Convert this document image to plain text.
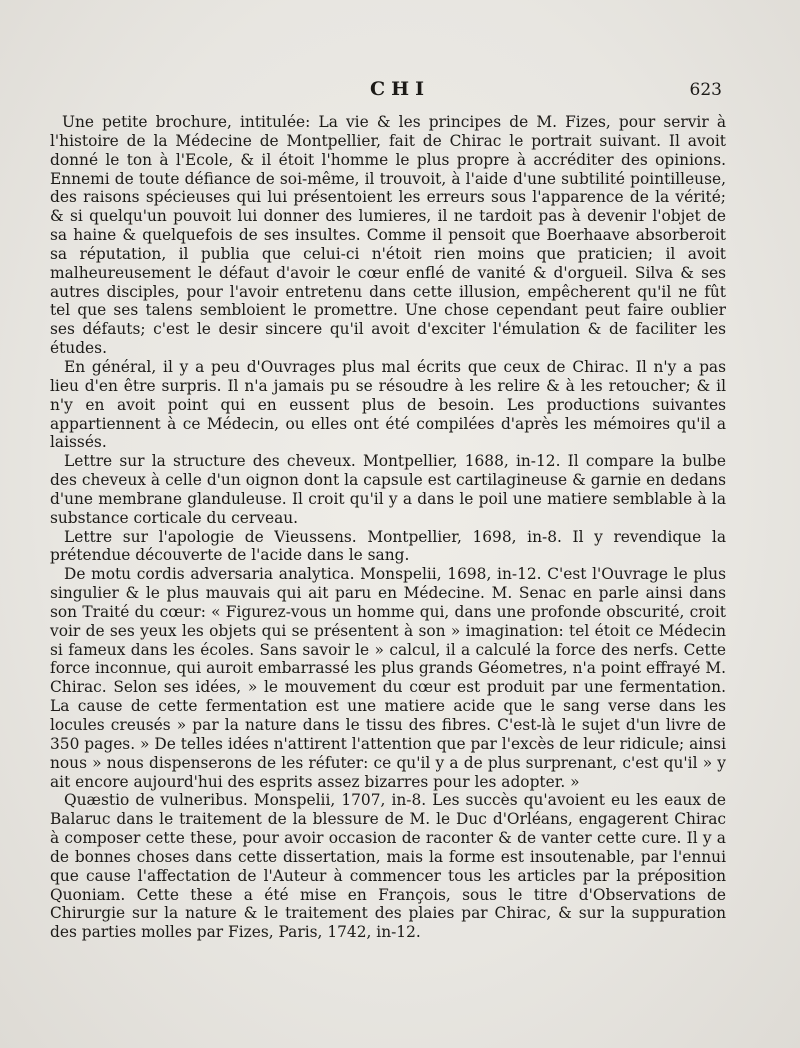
CHI	623

Une petite brochure, intitulée: La vie & les principes de M. Fizes, pour servir à l'histoire de la Médecine de Montpellier, fait de Chirac le portrait suivant. Il avoit donné le ton à l'Ecole, & il étoit l'homme le plus propre à accréditer des opinions. Ennemi de toute défiance de soi-même, il trouvoit, à l'aide d'une subtilité pointilleuse, des raisons spécieuses qui lui présentoient les erreurs sous l'apparence de la vérité; & si quelqu'un pouvoit lui donner des lumieres, il ne tardoit pas à devenir l'objet de sa haine & quelquefois de ses insultes. Comme il pensoit que Boerhaave absorberoit sa réputation, il publia que celui-ci n'étoit rien moins que praticien; il avoit malheureusement le défaut d'avoir le cœur enflé de vanité & d'orgueil. Silva & ses autres disciples, pour l'avoir entretenu dans cette illusion, empêcherent qu'il ne fût tel que ses talens sembloient le promettre. Une chose cependant peut faire oublier ses défauts; c'est le desir sincere qu'il avoit d'exciter l'émulation & de faciliter les études.

En général, il y a peu d'Ouvrages plus mal écrits que ceux de Chirac. Il n'y a pas lieu d'en être surpris. Il n'a jamais pu se résoudre à les relire & à les retoucher; & il n'y en avoit point qui en eussent plus de besoin. Les productions suivantes appartiennent à ce Médecin, ou elles ont été compilées d'après les mémoires qu'il a laissés.

Lettre sur la structure des cheveux. Montpellier, 1688, in-12. Il compare la bulbe des cheveux à celle d'un oignon dont la capsule est cartilagineuse & garnie en dedans d'une membrane glanduleuse. Il croit qu'il y a dans le poil une matiere semblable à la substance corticale du cerveau.

Lettre sur l'apologie de Vieussens. Montpellier, 1698, in-8. Il y revendique la prétendue découverte de l'acide dans le sang.

De motu cordis adversaria analytica. Monspelii, 1698, in-12. C'est l'Ouvrage le plus singulier & le plus mauvais qui ait paru en Médecine. M. Senac en parle ainsi dans son Traité du cœur: « Figurez-vous un homme qui, dans une profonde obscurité, croit voir de ses yeux les objets qui se présentent à son » imagination: tel étoit ce Médecin si fameux dans les écoles. Sans savoir le » calcul, il a calculé la force des nerfs. Cette force inconnue, qui auroit embarrassé les plus grands Géometres, n'a point effrayé M. Chirac. Selon ses idées, » le mouvement du cœur est produit par une fermentation. La cause de cette fermentation est une matiere acide que le sang verse dans les locules creusés » par la nature dans le tissu des fibres. C'est-là le sujet d'un livre de 350 pages. » De telles idées n'attirent l'attention que par l'excès de leur ridicule; ainsi nous » nous dispenserons de les réfuter: ce qu'il y a de plus surprenant, c'est qu'il » y ait encore aujourd'hui des esprits assez bizarres pour les adopter. »

Quæstio de vulneribus. Monspelii, 1707, in-8. Les succès qu'avoient eu les eaux de Balaruc dans le traitement de la blessure de M. le Duc d'Orléans, engagerent Chirac à composer cette these, pour avoir occasion de raconter & de vanter cette cure. Il y a de bonnes choses dans cette dissertation, mais la forme est insoutenable, par l'ennui que cause l'affectation de l'Auteur à commencer tous les articles par la préposition Quoniam. Cette these a été mise en François, sous le titre d'Observations de Chirurgie sur la nature & le traitement des plaies par Chirac, & sur la suppuration des parties molles par Fizes, Paris, 1742, in-12.
